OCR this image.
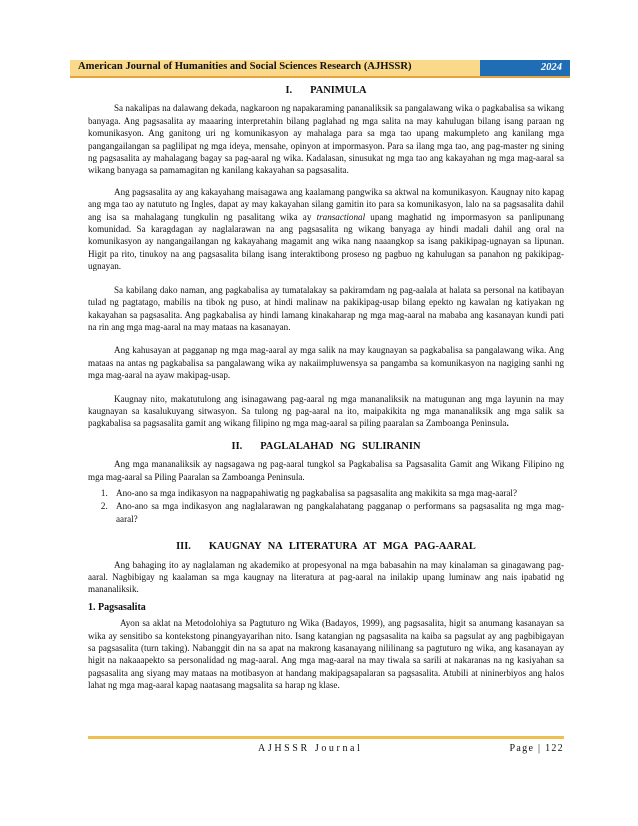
American Journal of Humanities and Social Sciences Research (AJHSSR)	2024
I. PANIMULA

Sa nakalipas na dalawang dekada, nagkaroon ng napakaraming pananaliksik sa pangalawang wika o pagkabalisa sa wikang banyaga. Ang pagsasalita ay maaaring interpretahin bilang paglahad ng mga salita na may kahulugan bilang isang paraan ng komunikasyon. Ang ganitong uri ng komunikasyon ay mahalaga para sa mga tao upang makumpleto ang kanilang mga pangangailangan sa paglilipat ng mga ideya, mensahe, opinyon at impormasyon. Para sa ilang mga tao, ang pag-master ng sining ng pagsasalita ay mahalagang bagay sa pag-aaral ng wika. Kadalasan, sinusukat ng mga tao ang kakayahan ng mga mag-aaral sa wikang banyaga sa pamamagitan ng kanilang kakayahan sa pagsasalita.

Ang pagsasalita ay ang kakayahang maisagawa ang kaalamang pangwika sa aktwal na komunikasyon. Kaugnay nito kapag ang mga tao ay natututo ng Ingles, dapat ay may kakayahan silang gamitin ito para sa komunikasyon, lalo na sa pagsasalita dahil ang isa sa mahalagang tungkulin ng pasalitang wika ay transactional upang maghatid ng impormasyon sa panlipunang komunidad. Sa karagdagan ay naglalarawan na ang pagsasalita ng wikang banyaga ay hindi madali dahil ang oral na komunikasyon ay nangangailangan ng kakayahang magamit ang wika nang naaangkop sa isang pakikipag-ugnayan sa lipunan. Higit pa rito, tinukoy na ang pagsasalita bilang isang interaktibong proseso ng pagbuo ng kahulugan sa panahon ng pakikipag-ugnayan.

Sa kabilang dako naman, ang pagkabalisa ay tumatalakay sa pakiramdam ng pag-aalala at halata sa personal na katibayan tulad ng pagtatago, mabilis na tibok ng puso, at hindi malinaw na pakikipag-usap bilang epekto ng kawalan ng katiyakan ng kakayahan sa pagsasalita. Ang pagkabalisa ay hindi lamang kinakaharap ng mga mag-aaral na mababa ang kasanayan kundi pati na rin ang mga mag-aaral na may mataas na kasanayan.

Ang kahusayan at pagganap ng mga mag-aaral ay mga salik na may kaugnayan sa pagkabalisa sa pangalawang wika. Ang mataas na antas ng pagkabalisa sa pangalawang wika ay nakaiimpluwensya sa pangamba sa komunikasyon na nagiging sanhi ng mga mag-aaral na ayaw makipag-usap.

Kaugnay nito, makatutulong ang isinagawang pag-aaral ng mga mananaliksik na matugunan ang mga layunin na may kaugnayan sa kasalukuyang sitwasyon. Sa tulong ng pag-aaral na ito, maipakikita ng mga mananaliksik ang mga salik sa pagkabalisa sa pagsasalita gamit ang wikang filipino ng mga mag-aaral sa piling paaralan sa Zamboanga Peninsula.

II. PAGLALAHAD NG SULIRANIN

Ang mga mananaliksik ay nagsagawa ng pag-aaral tungkol sa Pagkabalisa sa Pagsasalita Gamit ang Wikang Filipino ng mga mag-aaral sa Piling Paaralan sa Zamboanga Peninsula.

1. Ano-ano sa mga indikasyon na nagpapahiwatig ng pagkabalisa sa pagsasalita ang makikita sa mga mag-aaral?
2. Ano-ano sa mga indikasyon ang naglalarawan ng pangkalahatang pagganap o performans sa pagsasalita ng mga mag-aaral?
III. KAUGNAY NA LITERATURA AT MGA PAG-AARAL

Ang bahaging ito ay naglalaman ng akademiko at propesyonal na mga babasahin na may kinalaman sa ginagawang pag-aaral. Nagbibigay ng kaalaman sa mga kaugnay na literatura at pag-aaral na inilakip upang luminaw ang nais ipabatid ng mananaliksik.

1. Pagsasalita

Ayon sa aklat na Metodolohiya sa Pagtuturo ng Wika (Badayos, 1999), ang pagsasalita, higit sa anumang kasanayan sa wika ay sensitibo sa kontekstong pinangyayarihan nito. Isang katangian ng pagsasalita na kaiba sa pagsulat ay ang pagbibigayan sa pagsasalita (turn taking). Nabanggit din na sa apat na makrong kasanayang nililinang sa pagtuturo ng wika, ang kasanayan ay higit na nakaaapekto sa personalidad ng mag-aaral. Ang mga mag-aaral na may tiwala sa sarili at nakaranas na ng kasiyahan sa pagsasalita ang siyang may mataas na motibasyon at handang makipagsapalaran sa pagsasalita. Atubili at nininerbiyos ang halos lahat ng mga mag-aaral kapag naatasang magsalita sa harap ng klase.

AJHSSR Journal	Page | 122
